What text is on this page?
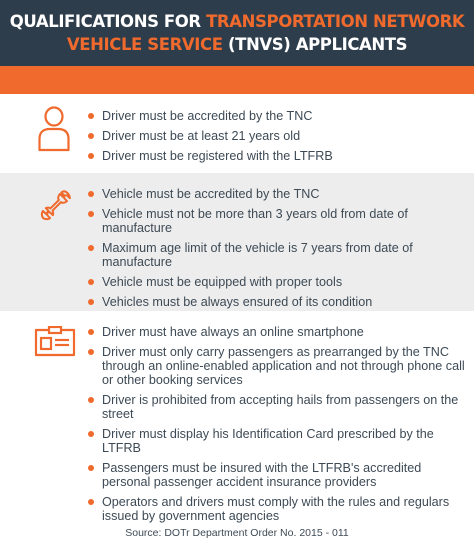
QUALIFICATIONS FOR TRANSPORTATION NETWORK
VEHICLE SERVICE (TNVS) APPLICANTS
Driver must be accredited by the TNC
Driver must be at least 21 years old
Driver must be registered with the LTFRB
Vehicle must be accredited by the TNC
Vehicle must not be more than 3 years old from date of manufacture
Maximum age limit of the vehicle is 7 years from date of manufacture
Vehicle must be equipped with proper tools
Vehicles must be always ensured of its condition
Driver must have always an online smartphone
Driver must only carry passengers as prearranged by the TNC through an online-enabled application and not through phone call or other booking services
Driver is prohibited from accepting hails from passengers on the street
Driver must display his Identification Card prescribed by the LTFRB
Passengers must be insured with the LTFRB's accredited personal passenger accident insurance providers
Operators and drivers must comply with the rules and regulars issued by government agencies
Source: DOTr Department Order No. 2015 - 011
